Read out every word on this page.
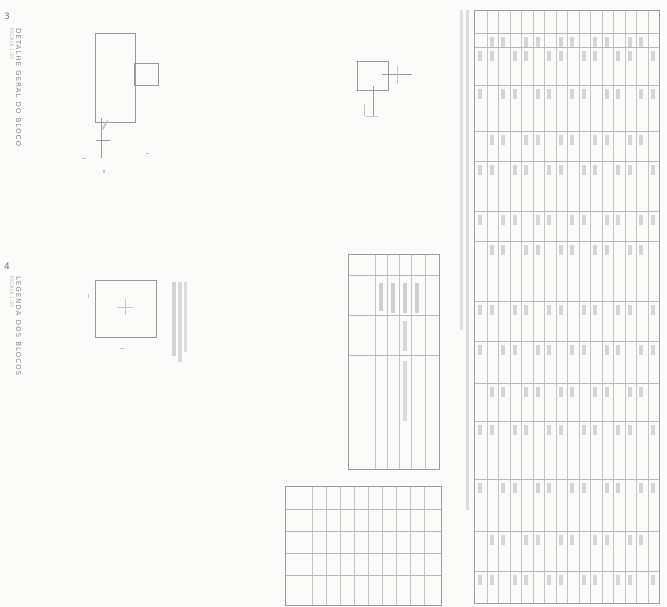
3
DETALHE GERAL DO BLOCO
ESCALA 1:25
4
LEGENDA DOS BLOCOS
ESCALA 1:25
